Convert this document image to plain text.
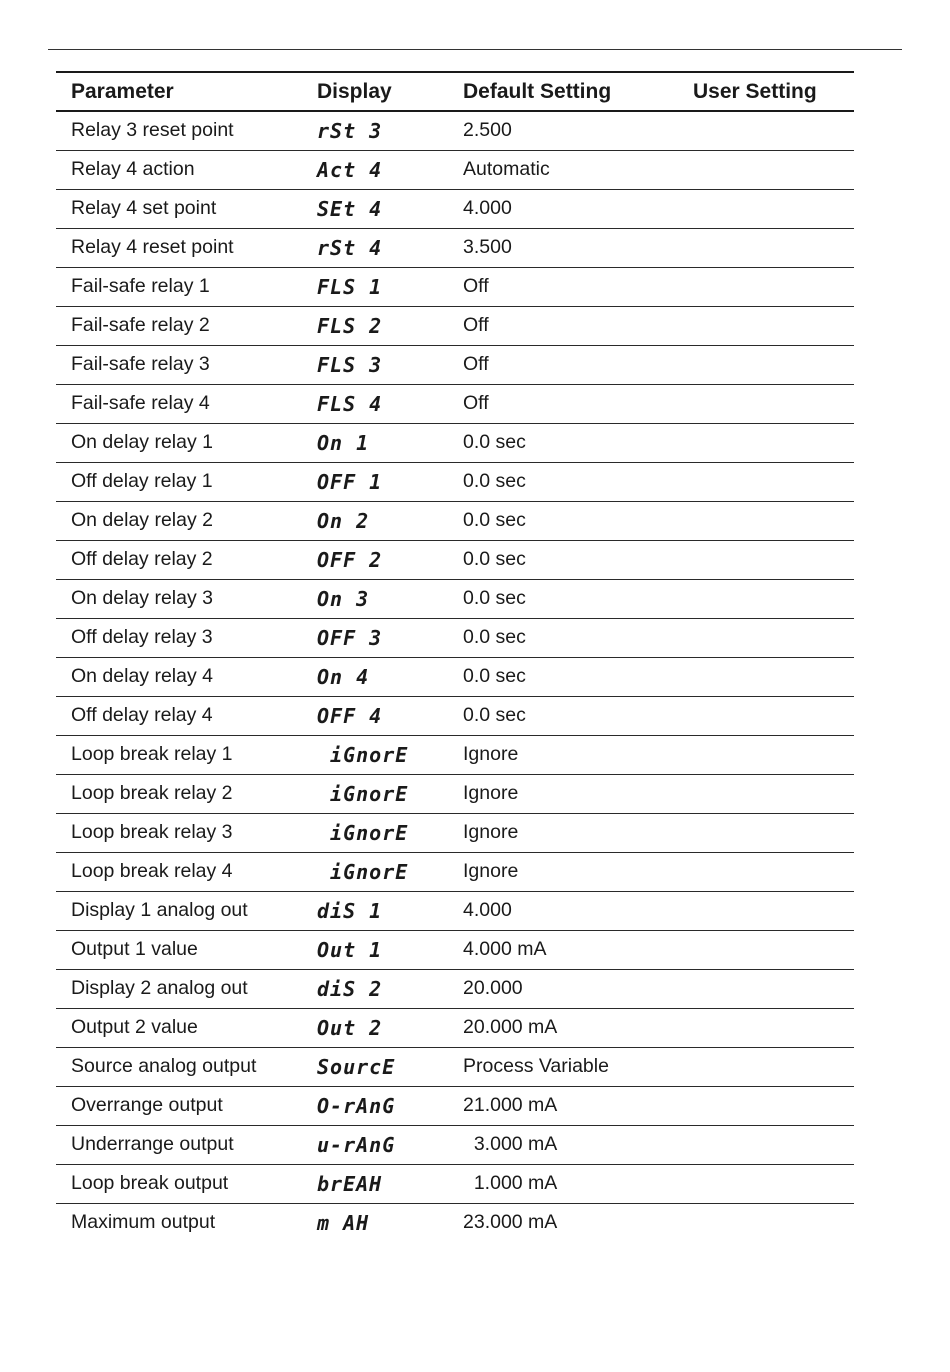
Parameter	Display	Default Setting	User Setting
Relay 3 reset point	rSt 3	2.500	
Relay 4 action	Act 4	Automatic	
Relay 4 set point	SEt 4	4.000	
Relay 4 reset point	rSt 4	3.500	
Fail-safe relay 1	FLS 1	Off	
Fail-safe relay 2	FLS 2	Off	
Fail-safe relay 3	FLS 3	Off	
Fail-safe relay 4	FLS 4	Off	
On delay relay 1	On 1	0.0 sec	
Off delay relay 1	OFF 1	0.0 sec	
On delay relay 2	On 2	0.0 sec	
Off delay relay 2	OFF 2	0.0 sec	
On delay relay 3	On 3	0.0 sec	
Off delay relay 3	OFF 3	0.0 sec	
On delay relay 4	On 4	0.0 sec	
Off delay relay 4	OFF 4	0.0 sec	
Loop break relay 1	iGnorE	Ignore	
Loop break relay 2	iGnorE	Ignore	
Loop break relay 3	iGnorE	Ignore	
Loop break relay 4	iGnorE	Ignore	
Display 1 analog out	diS 1	4.000	
Output 1 value	Out 1	4.000 mA	
Display 2 analog out	diS 2	20.000	
Output 2 value	Out 2	20.000 mA	
Source analog output	SourcE	Process Variable	
Overrange output	O-rAnG	21.000 mA	
Underrange output	u-rAnG	3.000 mA	
Loop break output	brEAH	1.000 mA	
Maximum output	m AH	23.000 mA	
